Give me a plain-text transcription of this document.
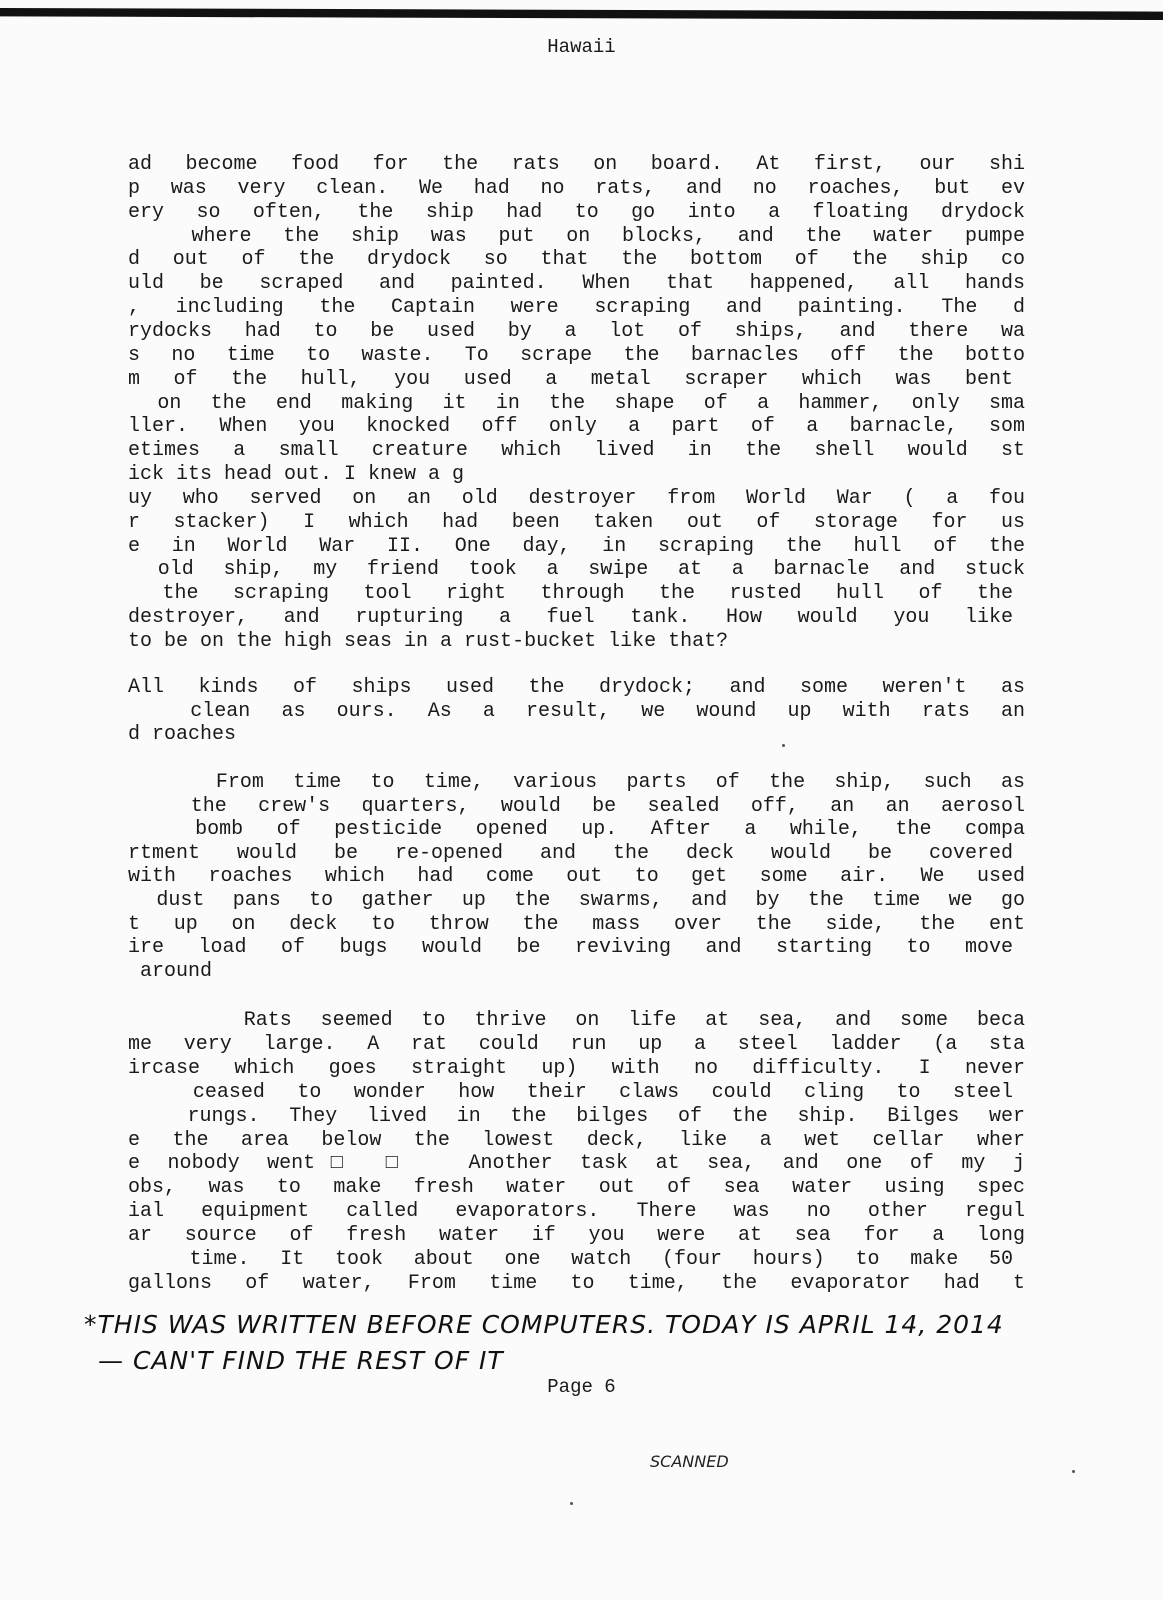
Hawaii
ad become food for the rats on board. At first, our shi
p was very clean. We had no rats, and no roaches, but ev
ery so often, the ship had to go into a floating drydock
where the ship was put on blocks, and the water pumpe
d out of the drydock so that the bottom of the ship co
uld be scraped and painted. When that happened, all hands
, including the Captain were scraping and painting. The d
rydocks had to be used by a lot of ships, and there wa
s no time to waste. To scrape the barnacles off the botto
m of the hull, you used a metal scraper which was bent
on the end making it in the shape of a hammer, only sma
ller. When you knocked off only a part of a barnacle, som
etimes a small creature which lived in the shell would st
ick its head out. I knew a g
uy who served on an old destroyer from World War ( a fou
r stacker) I which had been taken out of storage for us
e in World War II. One day, in scraping the hull of the
old ship, my friend took a swipe at a barnacle and stuck
the scraping tool right through the rusted hull of the
destroyer, and rupturing a fuel tank. How would you like
to be on the high seas in a rust-bucket like that?
All kinds of ships used the drydock; and some weren't as
clean as ours. As a result, we wound up with rats an
d roaches
From time to time, various parts of the ship, such as
the crew's quarters, would be sealed off, an an aerosol
bomb of pesticide opened up. After a while, the compa
rtment would be re-opened and the deck would be covered
with roaches which had come out to get some air. We used
dust pans to gather up the swarms, and by the time we go
t up on deck to throw the mass over the side, the ent
ire load of bugs would be reviving and starting to move
around
Rats seemed to thrive on life at sea, and some beca
me very large. A rat could run up a steel ladder (a sta
ircase which goes straight up) with no difficulty. I never
ceased to wonder how their claws could cling to steel
rungs. They lived in the bilges of the ship. Bilges wer
e the area below the lowest deck, like a wet cellar wher
e nobody went□ □  Another task at sea, and one of my j
obs, was to make fresh water out of sea water using spec
ial equipment called evaporators. There was no other regul
ar source of fresh water if you were at sea for a long
time. It took about one watch (four hours) to make 50
gallons of water, From time to time, the evaporator had t
*THIS WAS WRITTEN BEFORE COMPUTERS. TODAY IS APRIL 14, 2014
— CAN'T FIND THE REST OF IT
Page 6
SCANNED
